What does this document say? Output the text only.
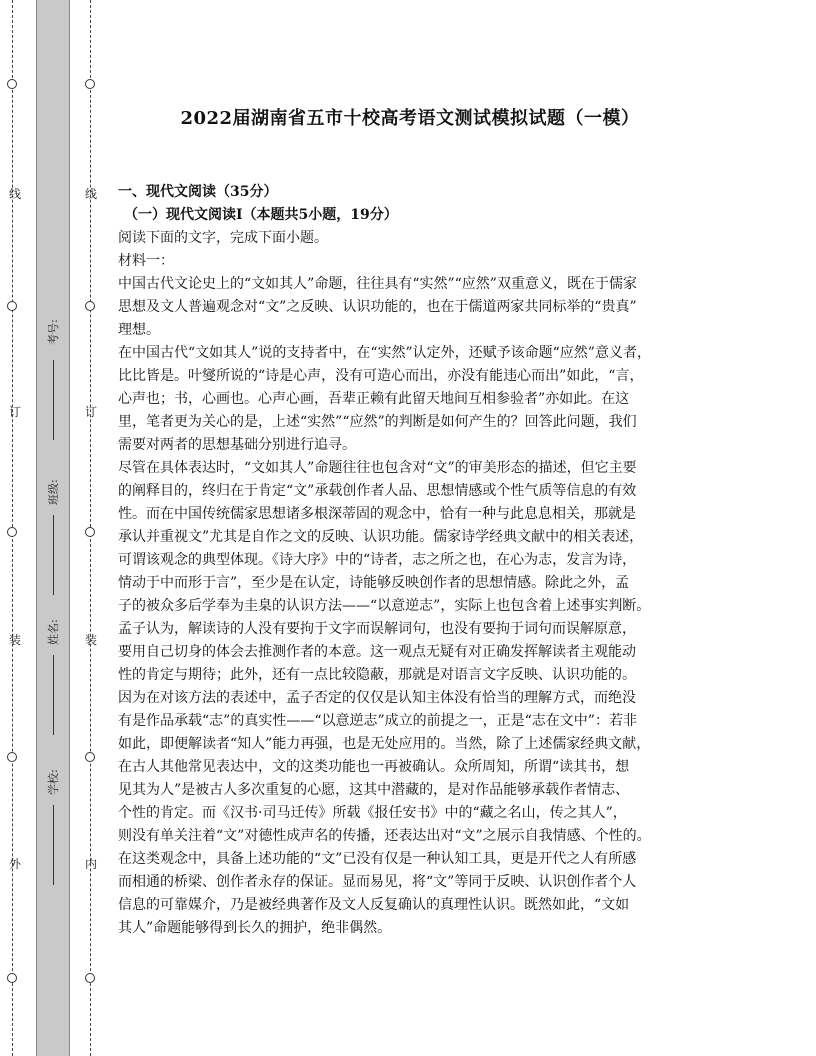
线
订
装
外
线
订
装
内
考号:
班级:
姓名:
学校:
2022届湖南省五市十校高考语文测试模拟试题（一模）
一、现代文阅读（35分）
（一）现代文阅读Ⅰ（本题共5小题，19分）
阅读下面的文字，完成下面小题。
材料一：
中国古代文论史上的“文如其人”命题，往往具有“实然”“应然”双重意义，既在于儒家
思想及文人普遍观念对“文”之反映、认识功能的，也在于儒道两家共同标举的“贵真”
理想。
在中国古代“文如其人”说的支持者中，在“实然”认定外，还赋予该命题“应然”意义者，
比比皆是。叶燮所说的“诗是心声，没有可造心而出，亦没有能违心而出”如此，“言，
心声也；书，心画也。心声心画，吾辈正赖有此留天地间互相参验者”亦如此。在这
里，笔者更为关心的是，上述“实然”“应然”的判断是如何产生的？回答此问题，我们
需要对两者的思想基础分别进行追寻。
尽管在具体表达时，“文如其人”命题往往也包含对“文”的审美形态的描述，但它主要
的阐释目的，终归在于肯定“文”承载创作者人品、思想情感或个性气质等信息的有效
性。而在中国传统儒家思想诸多根深蒂固的观念中，恰有一种与此息息相关，那就是
承认并重视文”尤其是自作之文的反映、认识功能。儒家诗学经典文献中的相关表述，
可谓该观念的典型体现。《诗大序》中的“诗者，志之所之也，在心为志，发言为诗，
情动于中而形于言”，至少是在认定，诗能够反映创作者的思想情感。除此之外，孟
子的被众多后学奉为圭臬的认识方法——“以意逆志”，实际上也包含着上述事实判断。
孟子认为，解读诗的人没有要拘于文字而误解词句，也没有要拘于词句而误解原意，
要用自己切身的体会去推测作者的本意。这一观点无疑有对正确发挥解读者主观能动
性的肯定与期待；此外，还有一点比较隐蔽，那就是对语言文字反映、认识功能的。
因为在对该方法的表述中，孟子否定的仅仅是认知主体没有恰当的理解方式，而绝没
有是作品承载“志”的真实性——“以意逆志”成立的前提之一，正是“志在文中”：若非
如此，即便解读者“知人”能力再强，也是无处应用的。当然，除了上述儒家经典文献，
在古人其他常见表达中，文的这类功能也一再被确认。众所周知，所谓“读其书，想
见其为人”是被古人多次重复的心愿，这其中潜藏的，是对作品能够承载作者情志、
个性的肯定。而《汉书·司马迁传》所载《报任安书》中的“藏之名山，传之其人”，
则没有单关注着“文”对德性成声名的传播，还表达出对“文”之展示自我情感、个性的。
在这类观念中，具备上述功能的“文”已没有仅是一种认知工具，更是开代之人有所感
而相通的桥梁、创作者永存的保证。显而易见，将“文”等同于反映、认识创作者个人
信息的可靠媒介，乃是被经典著作及文人反复确认的真理性认识。既然如此，“文如
其人”命题能够得到长久的拥护，绝非偶然。
